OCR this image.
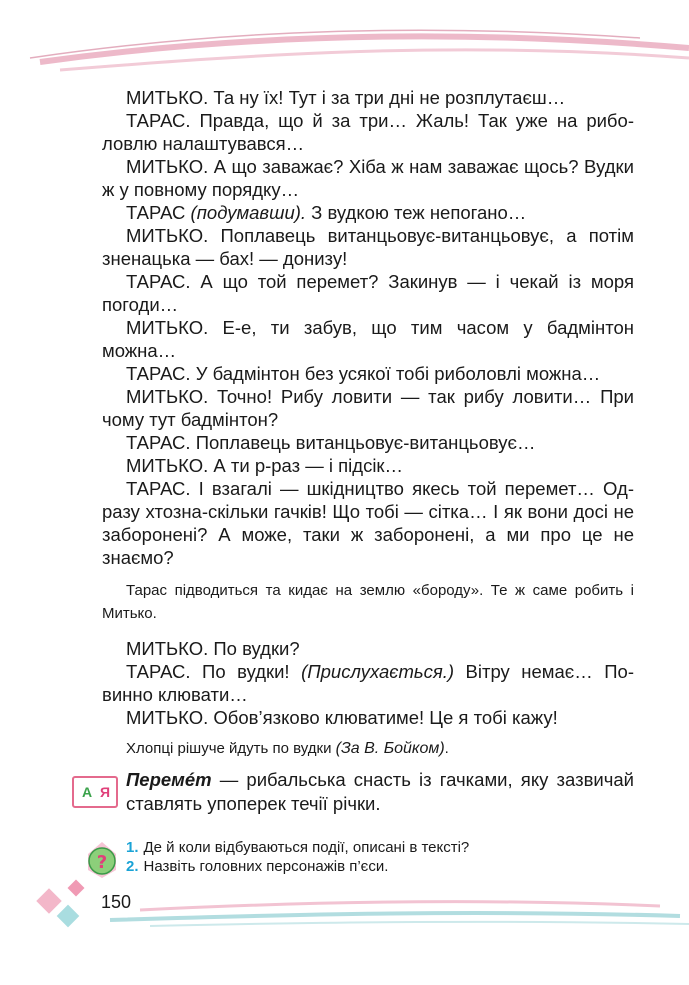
МИТЬКО. Та ну їх! Тут і за три дні не розплутаєш…

ТАРАС. Правда, що й за три… Жаль! Так уже на риболовлю налаштувався…

МИТЬКО. А що заважає? Хіба ж нам заважає щось? Вудки ж у повному порядку…

ТАРАС (подумавши). З вудкою теж непогано…

МИТЬКО. Поплавець витанцьовує-витанцьовує, а потім зненацька — бах! — донизу!

ТАРАС. А що той перемет? Закинув — і чекай із моря погоди…

МИТЬКО. Е-е, ти забув, що тим часом у бадмінтон можна…

ТАРАС. У бадмінтон без усякої тобі риболовлі можна…

МИТЬКО. Точно! Рибу ловити — так рибу ловити… При чому тут бадмінтон?

ТАРАС. Поплавець витанцьовує-витанцьовує…

МИТЬКО. А ти р-раз — і підсік…

ТАРАС. І взагалі — шкідництво якесь той перемет… Одразу хтозна-скільки гачків! Що тобі — сітка… І як вони досі не заборонені? А може, таки ж заборонені, а ми про це не знаємо?

Тарас підводиться та кидає на землю «бороду». Те ж саме робить і Митько.

МИТЬКО. По вудки?

ТАРАС. По вудки! (Прислухається.) Вітру немає… Повинно клювати…

МИТЬКО. Обов’язково клюватиме! Це я тобі кажу!

Хлопці рішуче йдуть по вудки (За В. Бойком).

А Я

Перемéт — рибальська снасть із гачками, яку зазвичай ставлять упоперек течії річки.

?
1. Де й коли відбуваються події, описані в тексті?
2. Назвіть головних персонажів п’єси.
150
